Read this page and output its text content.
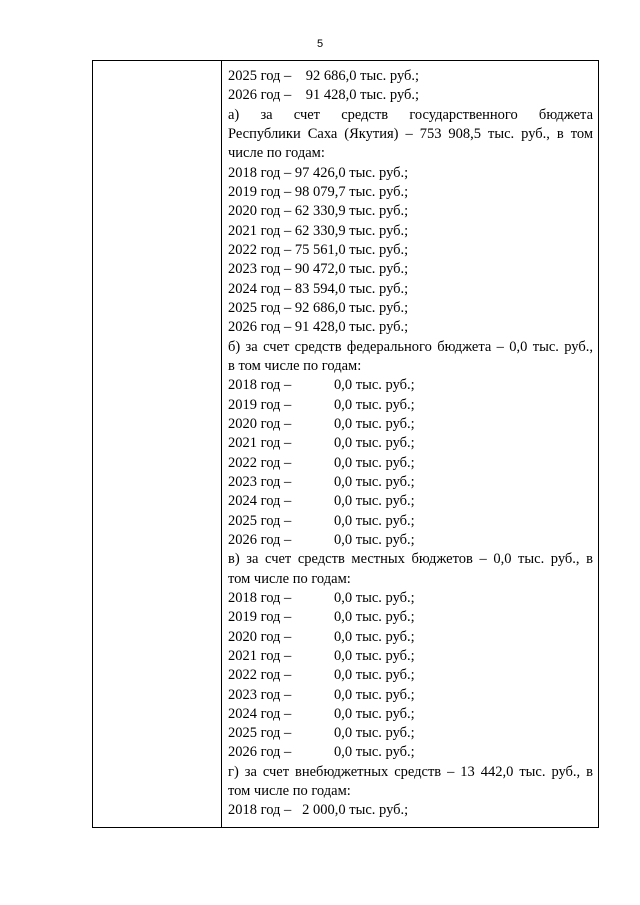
5
2025 год –
92 686,0 тыс. руб.;
2026 год –
91 428,0 тыс. руб.;
а) за счет средств государственного бюджета
Республики Саха (Якутия) – 753 908,5 тыс. руб., в том
числе по годам:
2018 год – 97 426,0 тыс. руб.;
2019 год – 98 079,7 тыс. руб.;
2020 год – 62 330,9 тыс. руб.;
2021 год – 62 330,9 тыс. руб.;
2022 год – 75 561,0 тыс. руб.;
2023 год – 90 472,0 тыс. руб.;
2024 год – 83 594,0 тыс. руб.;
2025 год – 92 686,0 тыс. руб.;
2026 год – 91 428,0 тыс. руб.;
б) за счет средств федерального бюджета – 0,0 тыс. руб.,
в том числе по годам:
2018 год –	0,0 тыс. руб.;
2019 год –	0,0 тыс. руб.;
2020 год –	0,0 тыс. руб.;
2021 год –	0,0 тыс. руб.;
2022 год –	0,0 тыс. руб.;
2023 год –	0,0 тыс. руб.;
2024 год –	0,0 тыс. руб.;
2025 год –	0,0 тыс. руб.;
2026 год –	0,0 тыс. руб.;
в) за счет средств местных бюджетов – 0,0 тыс. руб., в
том числе по годам:
2018 год –	0,0 тыс. руб.;
2019 год –	0,0 тыс. руб.;
2020 год –	0,0 тыс. руб.;
2021 год –	0,0 тыс. руб.;
2022 год –	0,0 тыс. руб.;
2023 год –	0,0 тыс. руб.;
2024 год –	0,0 тыс. руб.;
2025 год –	0,0 тыс. руб.;
2026 год –	0,0 тыс. руб.;
г) за счет внебюджетных средств – 13 442,0 тыс. руб., в
том числе по годам:
2018 год –
2 000,0 тыс. руб.;
